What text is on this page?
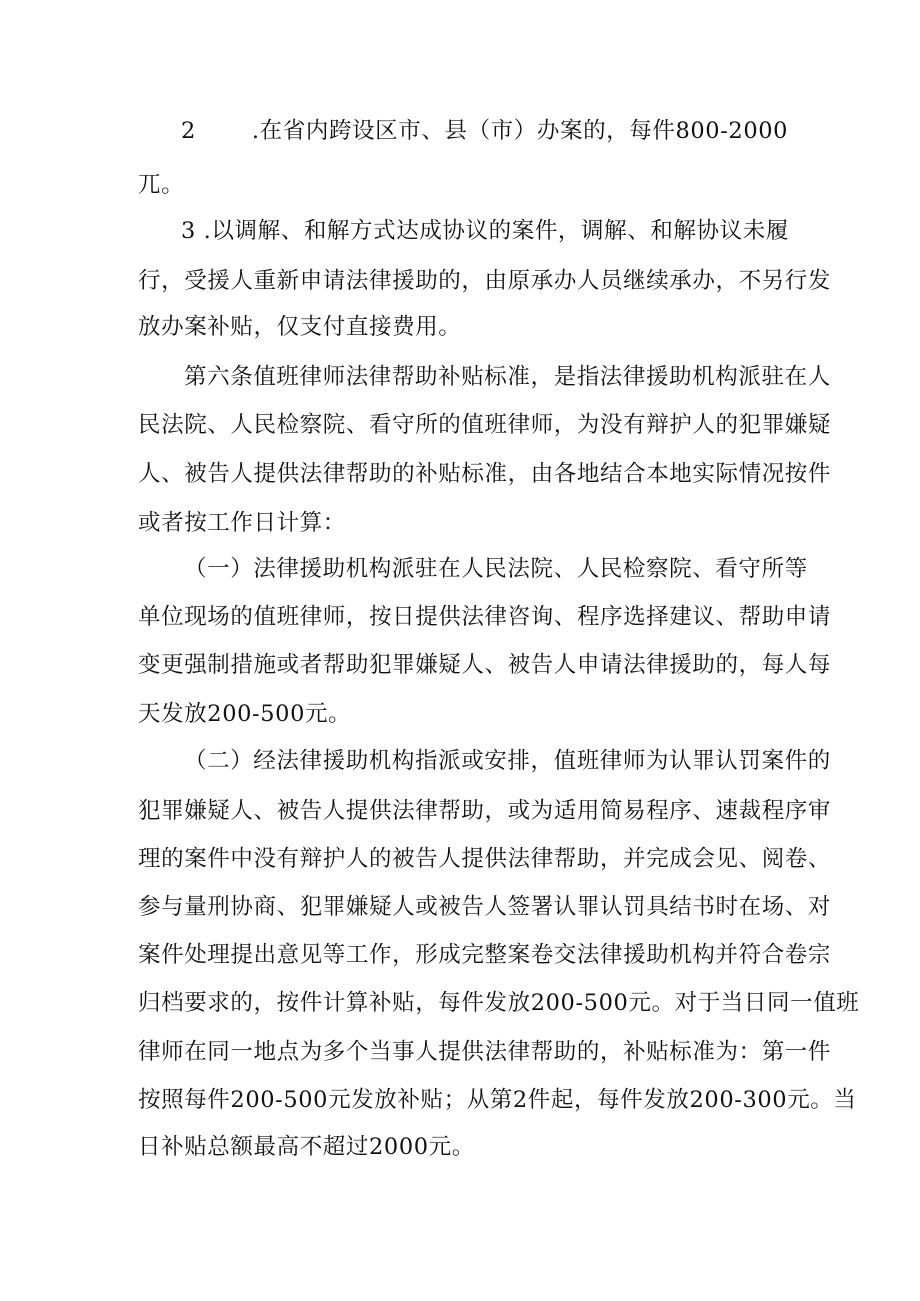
2 .在省内跨设区市、县（市）办案的，每件800-2000
兀。
3 .以调解、和解方式达成协议的案件，调解、和解协议未履
行，受援人重新申请法律援助的，由原承办人员继续承办，不另行发
放办案补贴，仅支付直接费用。
第六条值班律师法律帮助补贴标准，是指法律援助机构派驻在人
民法院、人民检察院、看守所的值班律师，为没有辩护人的犯罪嫌疑
人、被告人提供法律帮助的补贴标准，由各地结合本地实际情况按件
或者按工作日计算：
（一）法律援助机构派驻在人民法院、人民检察院、看守所等
单位现场的值班律师，按日提供法律咨询、程序选择建议、帮助申请
变更强制措施或者帮助犯罪嫌疑人、被告人申请法律援助的，每人每
天发放200-500元。
（二）经法律援助机构指派或安排，值班律师为认罪认罚案件的
犯罪嫌疑人、被告人提供法律帮助，或为适用简易程序、速裁程序审
理的案件中没有辩护人的被告人提供法律帮助，并完成会见、阅卷、
参与量刑协商、犯罪嫌疑人或被告人签署认罪认罚具结书时在场、对
案件处理提出意见等工作，形成完整案卷交法律援助机构并符合卷宗
归档要求的，按件计算补贴，每件发放200-500元。对于当日同一值班
律师在同一地点为多个当事人提供法律帮助的，补贴标准为：第一件
按照每件200-500元发放补贴；从第2件起，每件发放200-300元。当
日补贴总额最高不超过2000元。
